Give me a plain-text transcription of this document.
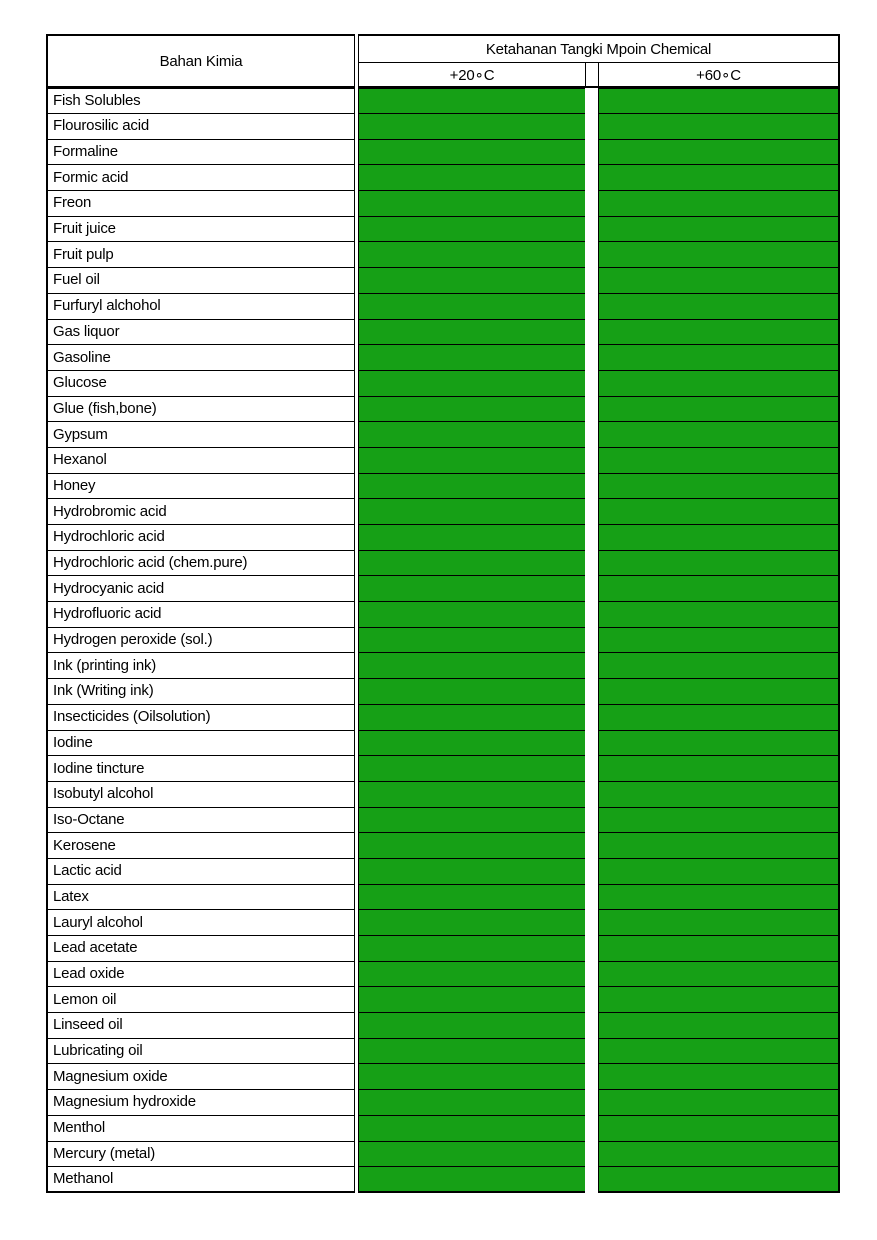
Bahan Kimia		Ketahanan Tangki Mpoin Chemical		
		+20∘C		+60∘C
Fish Solubles		

Flourosilic acid		

Formaline		

Formic acid		

Freon		

Fruit juice		

Fruit pulp		

Fuel oil		

Furfuryl alchohol		

Gas liquor		

Gasoline		

Glucose		

Glue (fish,bone)		

Gypsum		

Hexanol		

Honey		

Hydrobromic acid		

Hydrochloric acid		

Hydrochloric acid (chem.pure)		

Hydrocyanic acid		

Hydrofluoric acid		

Hydrogen peroxide (sol.)		

Ink (printing ink)		

Ink (Writing ink)		

Insecticides (Oilsolution)		

Iodine		

Iodine tincture		

Isobutyl alcohol		

Iso-Octane		

Kerosene		

Lactic acid		

Latex		

Lauryl alcohol		

Lead acetate		

Lead oxide		

Lemon oil		

Linseed oil		

Lubricating oil		

Magnesium oxide		

Magnesium hydroxide		

Menthol		

Mercury (metal)		

Methanol		
